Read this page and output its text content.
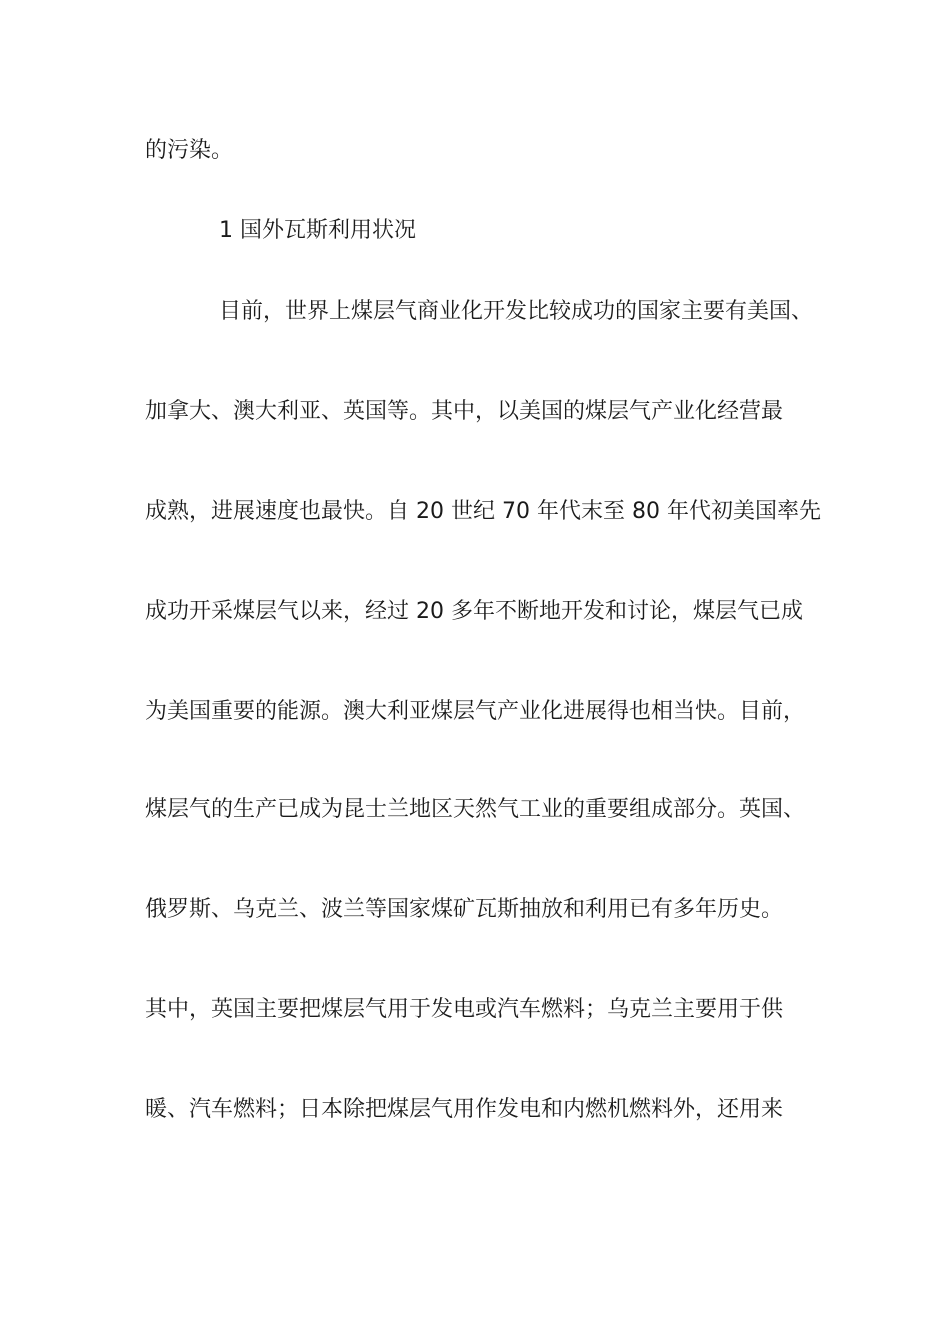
的污染。
1 国外瓦斯利用状况
目前，世界上煤层气商业化开发比较成功的国家主要有美国、
加拿大、澳大利亚、英国等。其中，以美国的煤层气产业化经营最
成熟，进展速度也最快。自 20 世纪 70 年代末至 80 年代初美国率先
成功开采煤层气以来，经过 20 多年不断地开发和讨论，煤层气已成
为美国重要的能源。澳大利亚煤层气产业化进展得也相当快。目前，
煤层气的生产已成为昆士兰地区天然气工业的重要组成部分。英国、
俄罗斯、乌克兰、波兰等国家煤矿瓦斯抽放和利用已有多年历史。
其中，英国主要把煤层气用于发电或汽车燃料；乌克兰主要用于供
暖、汽车燃料；日本除把煤层气用作发电和内燃机燃料外，还用来
